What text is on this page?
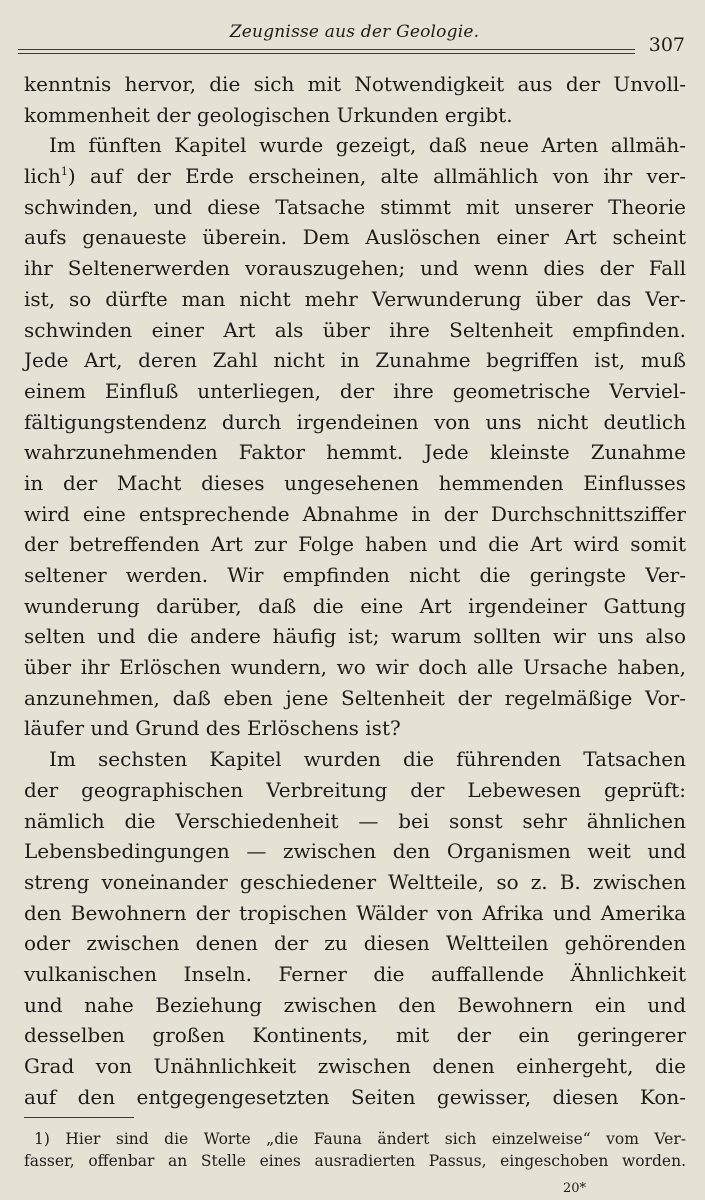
Zeugnisse aus der Geologie.
307
kenntnis hervor, die sich mit Notwendigkeit aus der Unvoll-
kommenheit der geologischen Urkunden ergibt.
Im fünften Kapitel wurde gezeigt, daß neue Arten allmäh-
lich$^1$) auf der Erde erscheinen, alte allmählich von ihr ver-
schwinden, und diese Tatsache stimmt mit unserer Theorie
aufs genaueste überein. Dem Auslöschen einer Art scheint
ihr Seltenerwerden vorauszugehen; und wenn dies der Fall
ist, so dürfte man nicht mehr Verwunderung über das Ver-
schwinden einer Art als über ihre Seltenheit empfinden.
Jede Art, deren Zahl nicht in Zunahme begriffen ist, muß
einem Einfluß unterliegen, der ihre geometrische Verviel-
fältigungstendenz durch irgendeinen von uns nicht deutlich
wahrzunehmenden Faktor hemmt. Jede kleinste Zunahme
in der Macht dieses ungesehenen hemmenden Einflusses
wird eine entsprechende Abnahme in der Durchschnittsziffer
der betreffenden Art zur Folge haben und die Art wird somit
seltener werden. Wir empfinden nicht die geringste Ver-
wunderung darüber, daß die eine Art irgendeiner Gattung
selten und die andere häufig ist; warum sollten wir uns also
über ihr Erlöschen wundern, wo wir doch alle Ursache haben,
anzunehmen, daß eben jene Seltenheit der regelmäßige Vor-
läufer und Grund des Erlöschens ist?
Im sechsten Kapitel wurden die führenden Tatsachen
der geographischen Verbreitung der Lebewesen geprüft:
nämlich die Verschiedenheit — bei sonst sehr ähnlichen
Lebensbedingungen — zwischen den Organismen weit und
streng voneinander geschiedener Weltteile, so z. B. zwischen
den Bewohnern der tropischen Wälder von Afrika und Amerika
oder zwischen denen der zu diesen Weltteilen gehörenden
vulkanischen Inseln. Ferner die auffallende Ähnlichkeit
und nahe Beziehung zwischen den Bewohnern ein und
desselben großen Kontinents, mit der ein geringerer
Grad von Unähnlichkeit zwischen denen einhergeht, die
auf den entgegengesetzten Seiten gewisser, diesen Kon-
1) Hier sind die Worte „die Fauna ändert sich einzelweise“ vom Ver-
fasser, offenbar an Stelle eines ausradierten Passus, eingeschoben worden.
20*
